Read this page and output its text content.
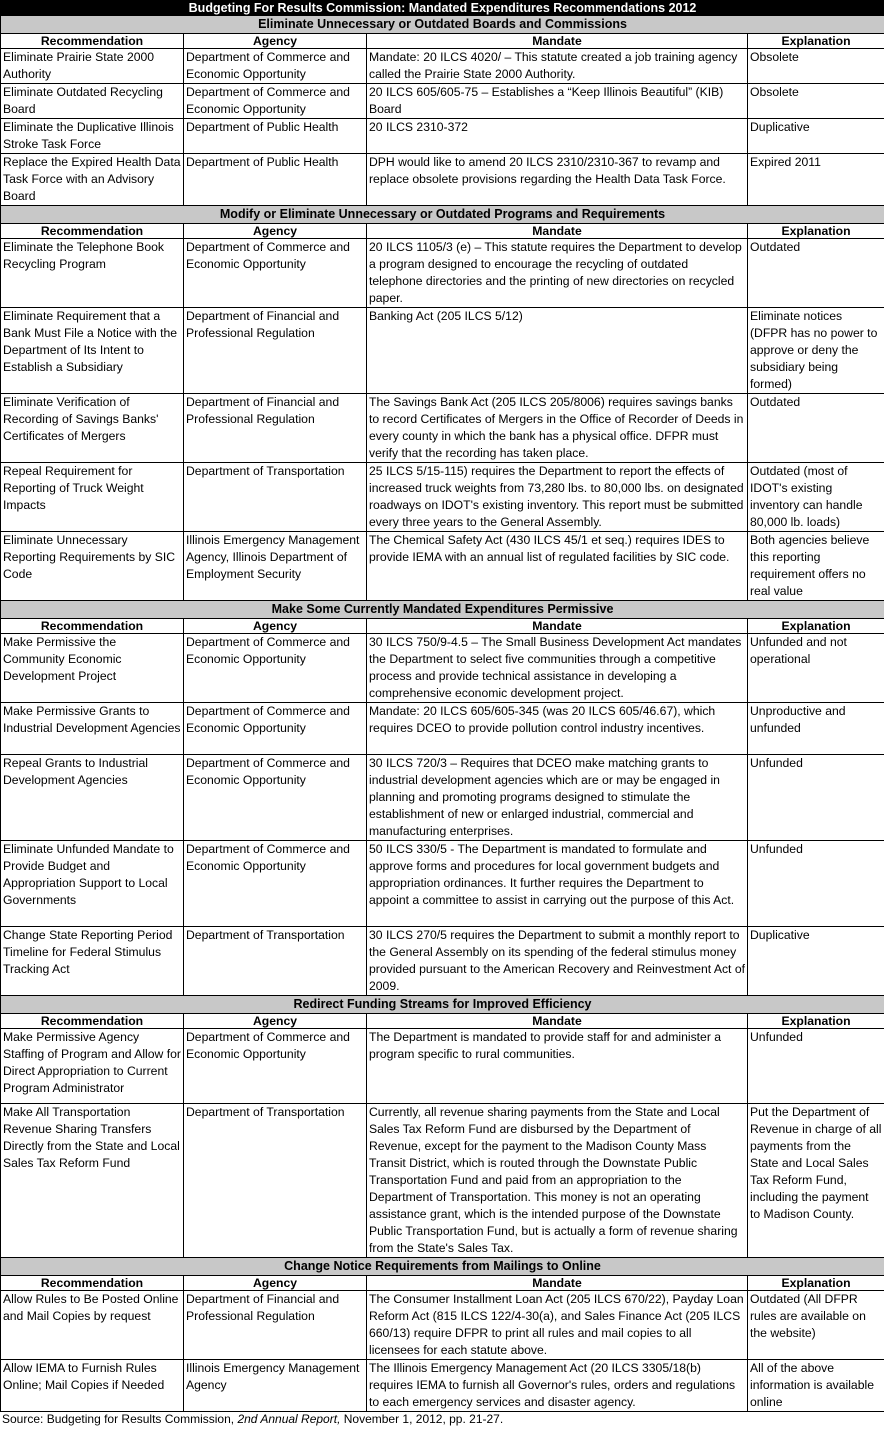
Budgeting For Results Commission: Mandated Expenditures Recommendations 2012			
Eliminate Unnecessary or Outdated Boards and Commissions			
Recommendation	Agency	Mandate	Explanation
Eliminate Prairie State 2000 Authority	Department of Commerce and Economic Opportunity	Mandate: 20 ILCS 4020/ – This statute created a job training agency called the Prairie State 2000 Authority.	Obsolete
Eliminate Outdated Recycling Board	Department of Commerce and Economic Opportunity	20 ILCS 605/605-75 – Establishes a “Keep Illinois Beautiful” (KIB) Board	Obsolete
Eliminate the Duplicative Illinois Stroke Task Force	Department of Public Health	20 ILCS 2310-372	Duplicative
Replace the Expired Health Data Task Force with an Advisory Board	Department of Public Health	DPH would like to amend 20 ILCS 2310/2310-367 to revamp and replace obsolete provisions regarding the Health Data Task Force.	Expired 2011
Modify or Eliminate Unnecessary or Outdated Programs and Requirements			
Recommendation	Agency	Mandate	Explanation
Eliminate the Telephone Book Recycling Program	Department of Commerce and Economic Opportunity	20 ILCS 1105/3 (e) – This statute requires the Department to develop a program designed to encourage the recycling of outdated telephone directories and the printing of new directories on recycled paper.	Outdated
Eliminate Requirement that a Bank Must File a Notice with the Department of Its Intent to Establish a Subsidiary	Department of Financial and Professional Regulation	Banking Act (205 ILCS 5/12)	Eliminate notices (DFPR has no power to approve or deny the subsidiary being formed)
Eliminate Verification of Recording of Savings Banks' Certificates of Mergers	Department of Financial and Professional Regulation	The Savings Bank Act (205 ILCS 205/8006) requires savings banks to record Certificates of Mergers in the Office of Recorder of Deeds in every county in which the bank has a physical office. DFPR must verify that the recording has taken place.	Outdated
Repeal Requirement for Reporting of Truck Weight Impacts	Department of Transportation	25 ILCS 5/15-115) requires the Department to report the effects of increased truck weights from 73,280 lbs. to 80,000 lbs. on designated roadways on IDOT's existing inventory. This report must be submitted every three years to the General Assembly.	Outdated (most of IDOT's existing inventory can handle 80,000 lb. loads)
Eliminate Unnecessary Reporting Requirements by SIC Code	Illinois Emergency Management Agency, Illinois Department of Employment Security	The Chemical Safety Act (430 ILCS 45/1 et seq.) requires IDES to provide IEMA with an annual list of regulated facilities by SIC code.	Both agencies believe this reporting requirement offers no real value
Make Some Currently Mandated Expenditures Permissive			
Recommendation	Agency	Mandate	Explanation
Make Permissive the Community Economic Development Project	Department of Commerce and Economic Opportunity	30 ILCS 750/9-4.5 – The Small Business Development Act mandates the Department to select five communities through a competitive process and provide technical assistance in developing a comprehensive economic development project.	Unfunded and not operational
Make Permissive Grants to Industrial Development Agencies	Department of Commerce and Economic Opportunity	Mandate: 20 ILCS 605/605-345 (was 20 ILCS 605/46.67), which requires DCEO to provide pollution control industry incentives.	Unproductive and unfunded
Repeal Grants to Industrial Development Agencies	Department of Commerce and Economic Opportunity	30 ILCS 720/3 – Requires that DCEO make matching grants to industrial development agencies which are or may be engaged in planning and promoting programs designed to stimulate the establishment of new or enlarged industrial, commercial and manufacturing enterprises.	Unfunded
Eliminate Unfunded Mandate to Provide Budget and Appropriation Support to Local Governments	Department of Commerce and Economic Opportunity	50 ILCS 330/5 - The Department is mandated to formulate and approve forms and procedures for local government budgets and appropriation ordinances. It further requires the Department to appoint a committee to assist in carrying out the purpose of this Act.	Unfunded
Change State Reporting Period Timeline for Federal Stimulus Tracking Act	Department of Transportation	30 ILCS 270/5 requires the Department to submit a monthly report to the General Assembly on its spending of the federal stimulus money provided pursuant to the American Recovery and Reinvestment Act of 2009.	Duplicative
Redirect Funding Streams for Improved Efficiency			
Recommendation	Agency	Mandate	Explanation
Make Permissive Agency Staffing of Program and Allow for Direct Appropriation to Current Program Administrator	Department of Commerce and Economic Opportunity	The Department is mandated to provide staff for and administer a program specific to rural communities.	Unfunded
Make All Transportation Revenue Sharing Transfers Directly from the State and Local Sales Tax Reform Fund	Department of Transportation	Currently, all revenue sharing payments from the State and Local Sales Tax Reform Fund are disbursed by the Department of Revenue, except for the payment to the Madison County Mass Transit District, which is routed through the Downstate Public Transportation Fund and paid from an appropriation to the Department of Transportation. This money is not an operating assistance grant, which is the intended purpose of the Downstate Public Transportation Fund, but is actually a form of revenue sharing from the State's Sales Tax.	Put the Department of Revenue in charge of all payments from the State and Local Sales Tax Reform Fund, including the payment to Madison County.
Change Notice Requirements from Mailings to Online			
Recommendation	Agency	Mandate	Explanation
Allow Rules to Be Posted Online and Mail Copies by request	Department of Financial and Professional Regulation	The Consumer Installment Loan Act (205 ILCS 670/22), Payday Loan Reform Act (815 ILCS 122/4-30(a), and Sales Finance Act (205 ILCS 660/13) require DFPR to print all rules and mail copies to all licensees for each statute above.	Outdated (All DFPR rules are available on the website)
Allow IEMA to Furnish Rules Online; Mail Copies if Needed	Illinois Emergency Management Agency	The Illinois Emergency Management Act (20 ILCS 3305/18(b) requires IEMA to furnish all Governor's rules, orders and regulations to each emergency services and disaster agency.	All of the above information is available online
Source: Budgeting for Results Commission, 2nd Annual Report, November 1, 2012, pp. 21-27.
